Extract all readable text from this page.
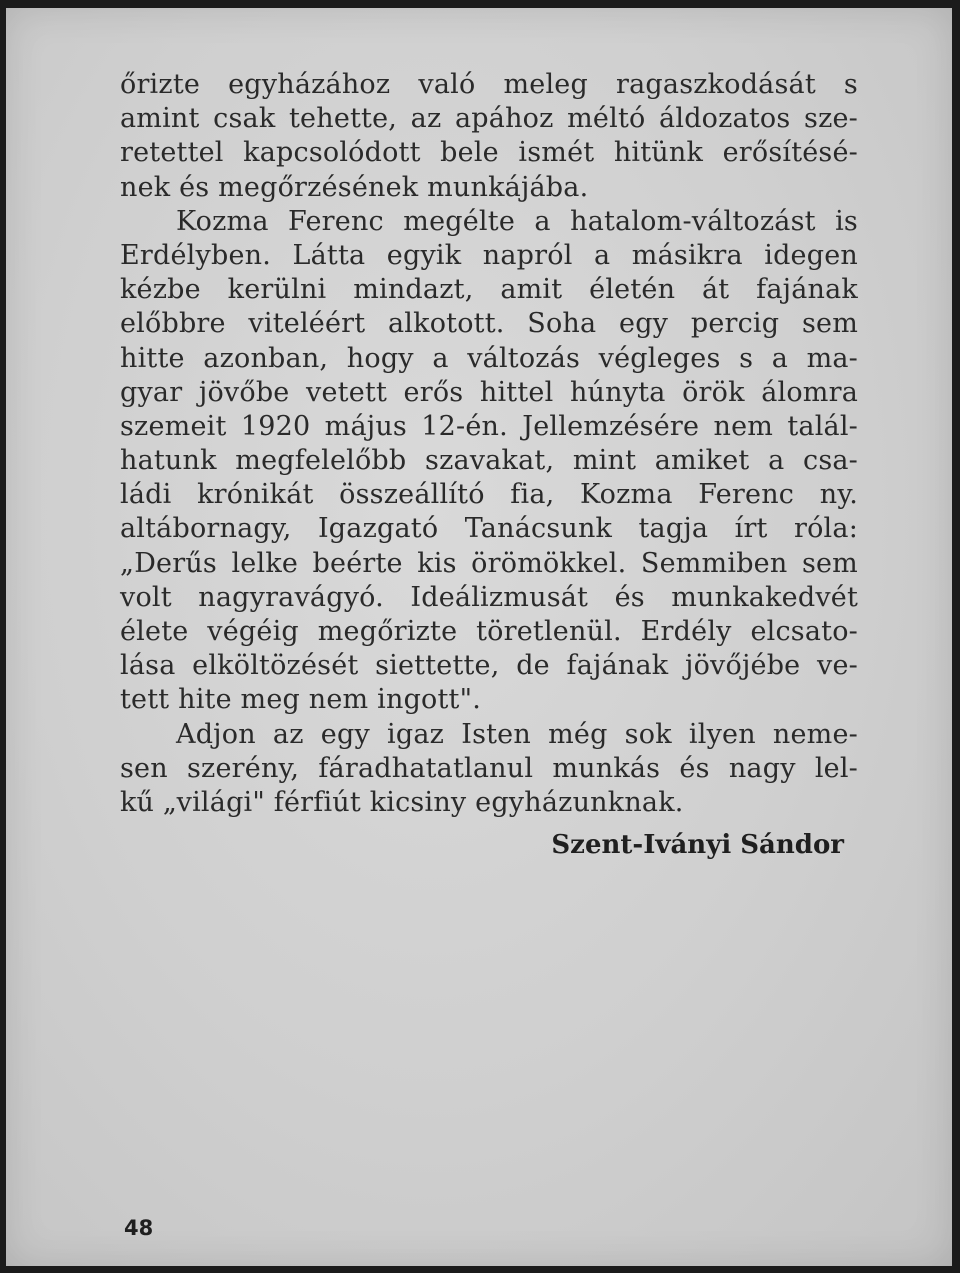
őrizte egyházához való meleg ragaszkodását s
amint csak tehette, az apához méltó áldozatos sze-
retettel kapcsolódott bele ismét hitünk erősítésé-
nek és megőrzésének munkájába.
Kozma Ferenc megélte a hatalom-változást is
Erdélyben. Látta egyik napról a másikra idegen
kézbe kerülni mindazt, amit életén át fajának
előbbre viteléért alkotott. Soha egy percig sem
hitte azonban, hogy a változás végleges s a ma-
gyar jövőbe vetett erős hittel húnyta örök álomra
szemeit 1920 május 12-én. Jellemzésére nem talál-
hatunk megfelelőbb szavakat, mint amiket a csa-
ládi krónikát összeállító fia, Kozma Ferenc ny.
altábornagy, Igazgató Tanácsunk tagja írt róla:
„Derűs lelke beérte kis örömökkel. Semmiben sem
volt nagyravágyó. Ideálizmusát és munkakedvét
élete végéig megőrizte töretlenül. Erdély elcsato-
lása elköltözését siettette, de fajának jövőjébe ve-
tett hite meg nem ingott".
Adjon az egy igaz Isten még sok ilyen neme-
sen szerény, fáradhatatlanul munkás és nagy lel-
kű „világi" férfiút kicsiny egyházunknak.
Szent-Iványi Sándor
48
